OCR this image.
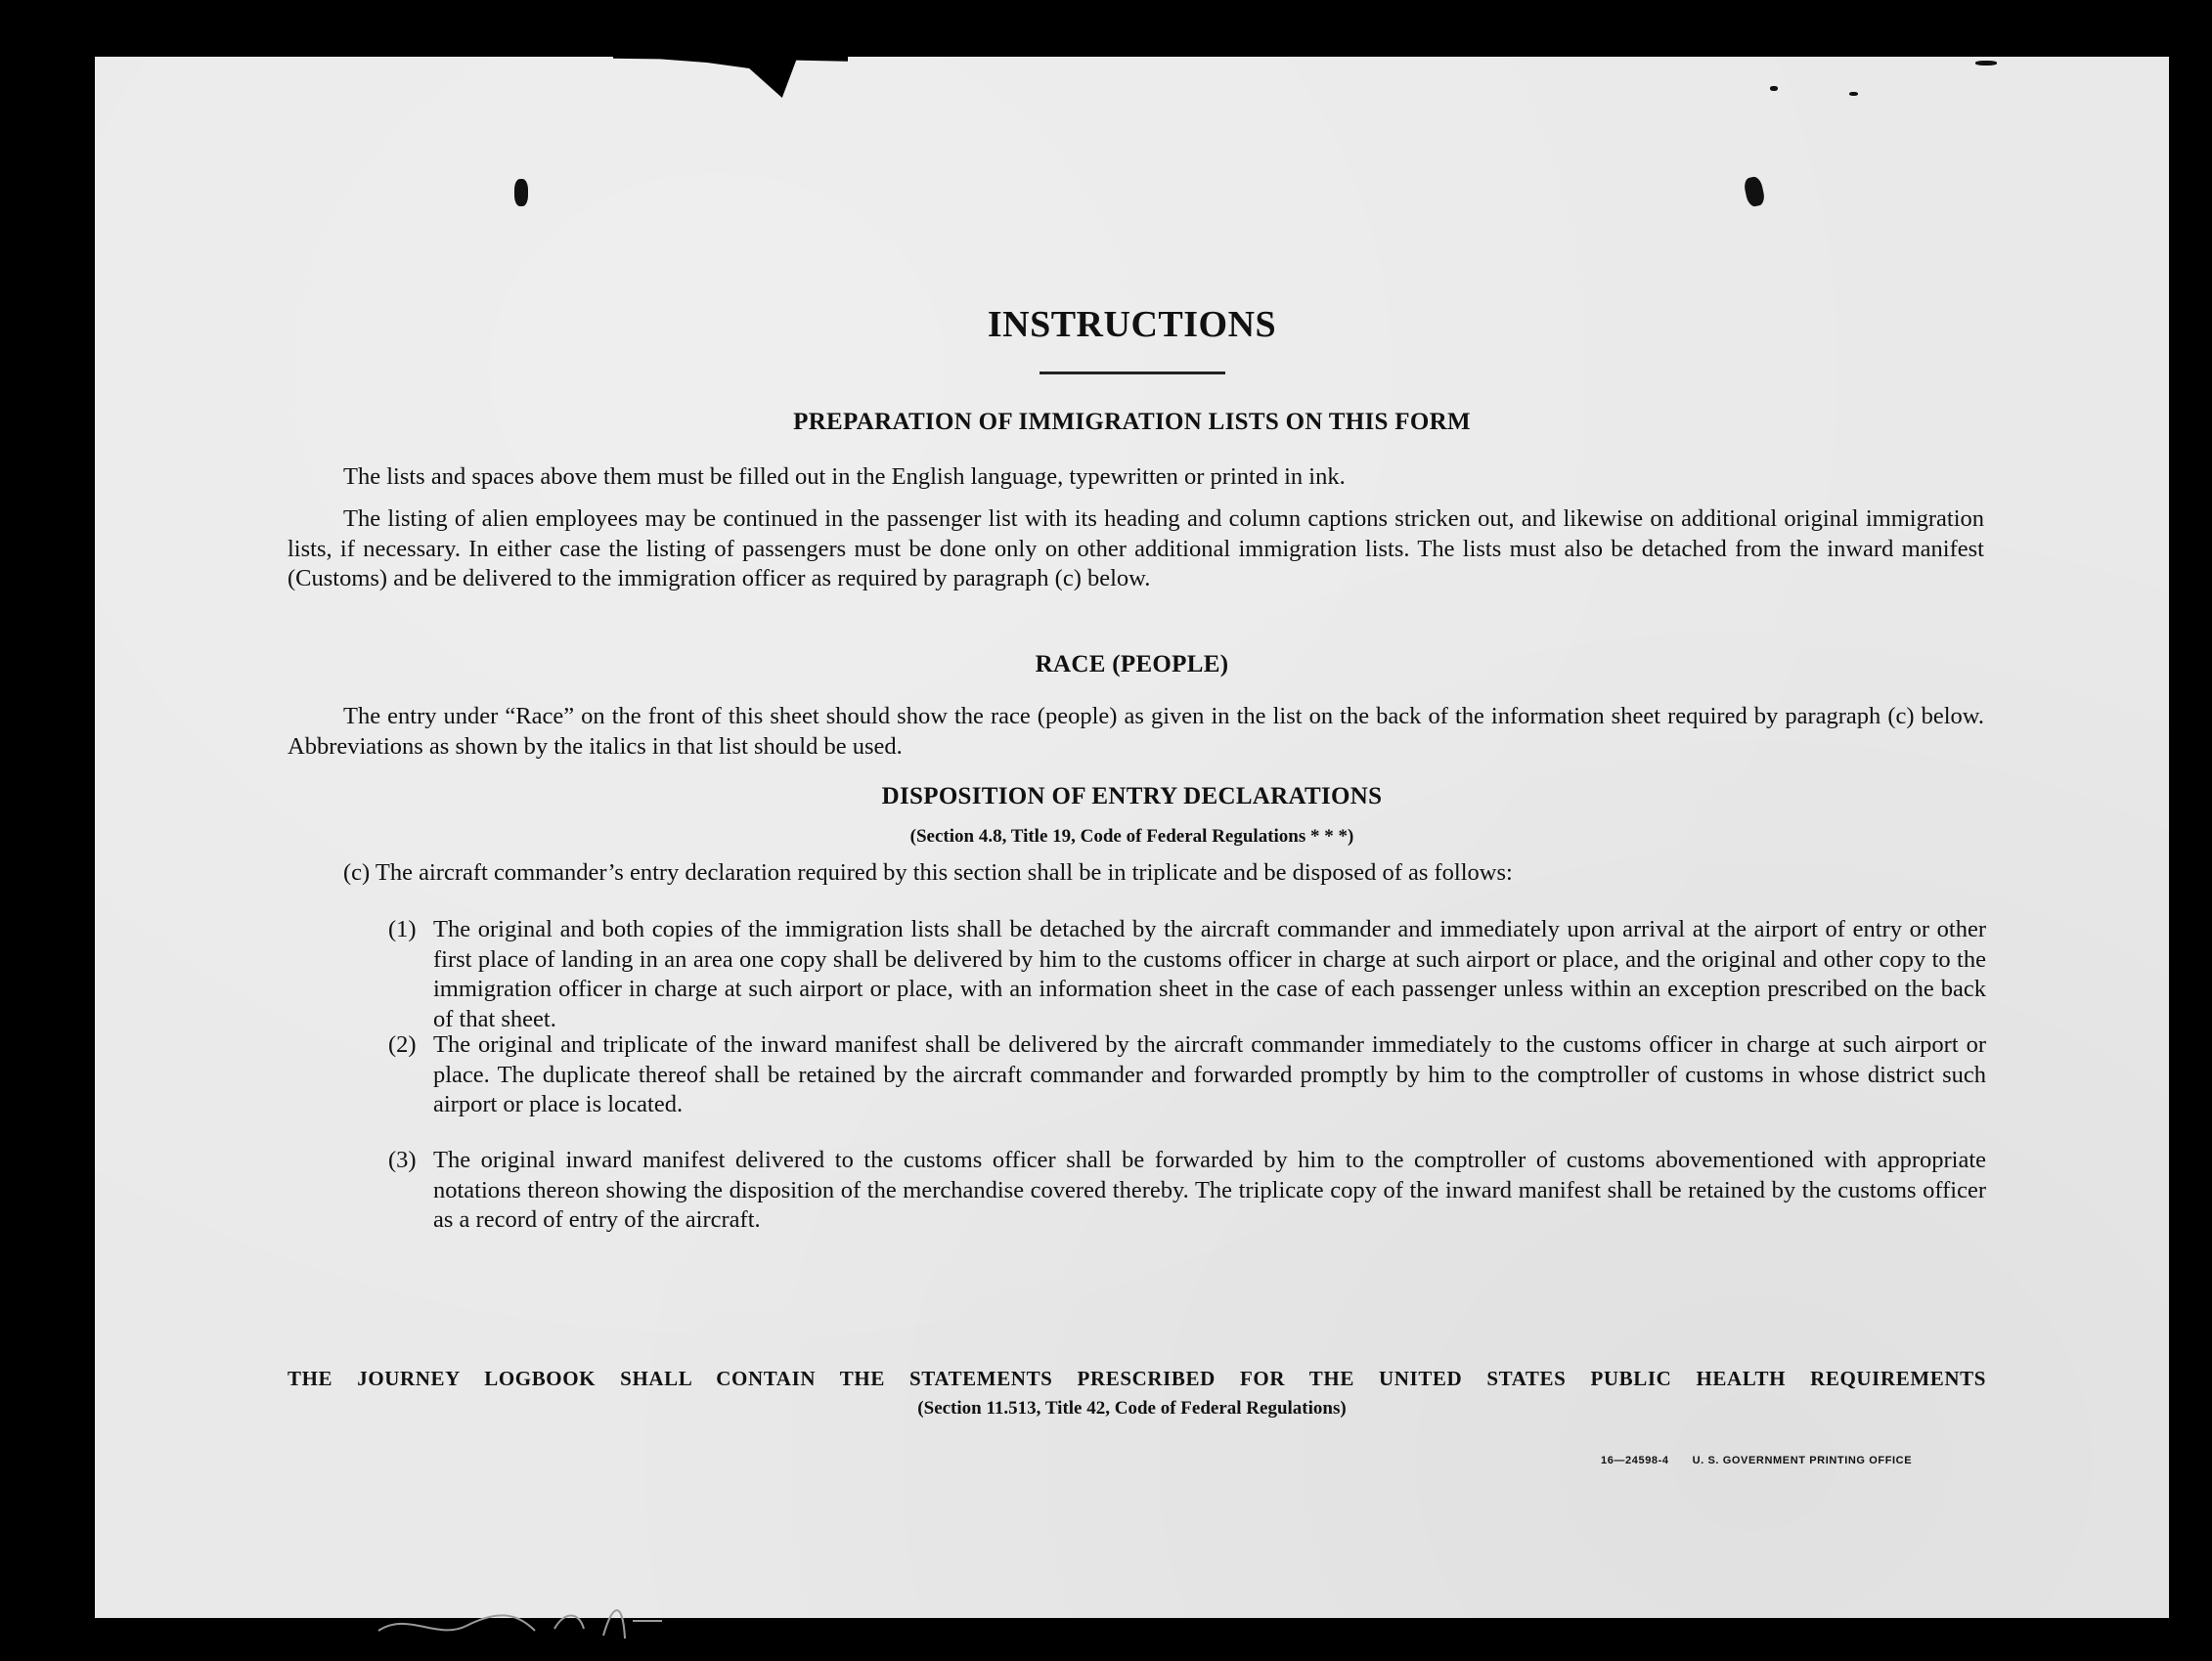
INSTRUCTIONS
PREPARATION OF IMMIGRATION LISTS ON THIS FORM

The lists and spaces above them must be filled out in the English language, typewritten or printed in ink.

The listing of alien employees may be continued in the passenger list with its heading and column captions stricken out, and likewise on additional original immigration lists, if necessary. In either case the listing of passengers must be done only on other additional immigration lists. The lists must also be detached from the inward manifest (Customs) and be delivered to the immigration officer as required by paragraph (c) below.

RACE (PEOPLE)

The entry under “Race” on the front of this sheet should show the race (people) as given in the list on the back of the information sheet required by paragraph (c) below. Abbreviations as shown by the italics in that list should be used.

DISPOSITION OF ENTRY DECLARATIONS

(Section 4.8, Title 19, Code of Federal Regulations * * *)

(c) The aircraft commander’s entry declaration required by this section shall be in triplicate and be disposed of as follows:

(1) The original and both copies of the immigration lists shall be detached by the aircraft commander and immediately upon arrival at the airport of entry or other first place of landing in an area one copy shall be delivered by him to the customs officer in charge at such airport or place, and the original and other copy to the immigration officer in charge at such airport or place, with an information sheet in the case of each passenger unless within an exception prescribed on the back of that sheet.
(2) The original and triplicate of the inward manifest shall be delivered by the aircraft commander immediately to the customs officer in charge at such airport or place. The duplicate thereof shall be retained by the aircraft commander and forwarded promptly by him to the comptroller of customs in whose district such airport or place is located.
(3) The original inward manifest delivered to the customs officer shall be forwarded by him to the comptroller of customs abovementioned with appropriate notations thereon showing the disposition of the merchandise covered thereby. The triplicate copy of the inward manifest shall be retained by the customs officer as a record of entry of the aircraft.

THE JOURNEY LOGBOOK SHALL CONTAIN THE STATEMENTS PRESCRIBED FOR THE UNITED STATES PUBLIC HEALTH REQUIREMENTS

(Section 11.513, Title 42, Code of Federal Regulations)

16—24598-4 U. S. GOVERNMENT PRINTING OFFICE
